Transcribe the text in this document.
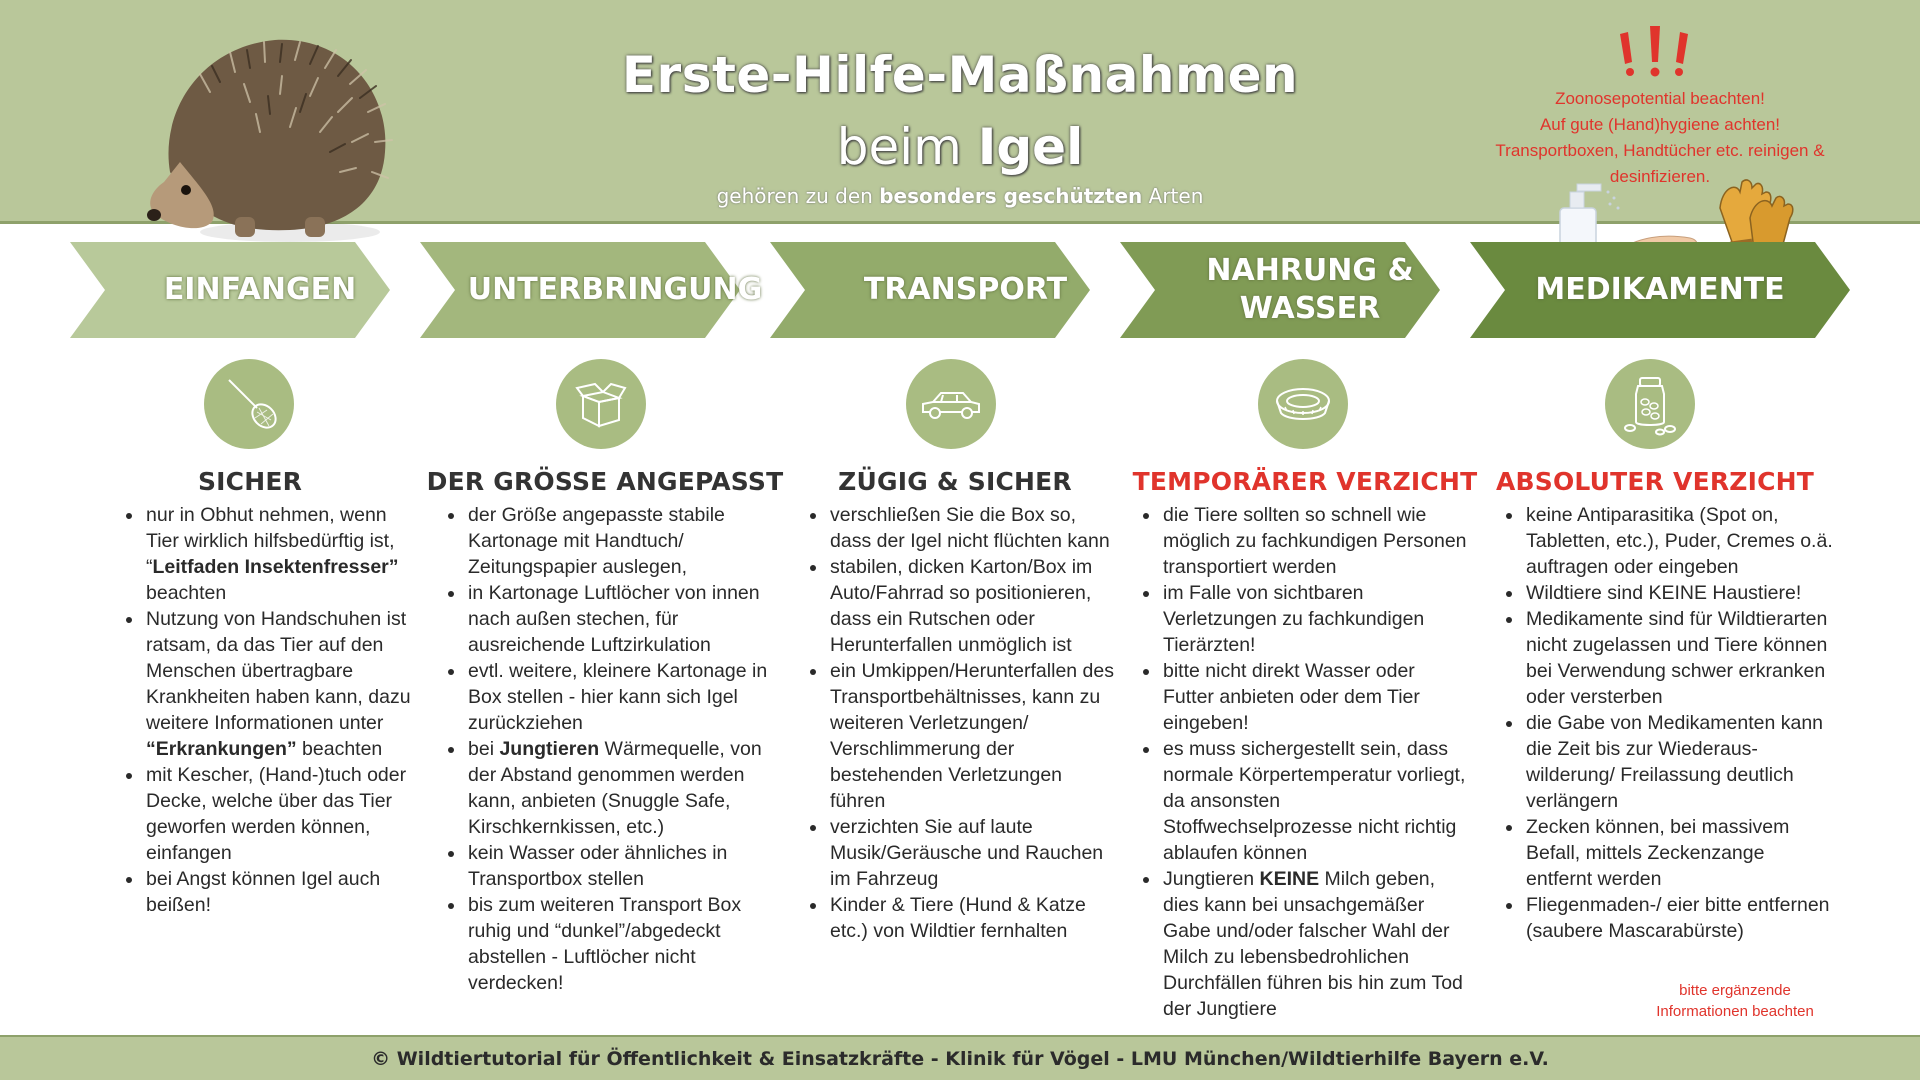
Erste-Hilfe-Maßnahmen
beim Igel
gehören zu den besonders geschützten Arten
Zoonosepotential beachten!
Auf gute (Hand)hygiene achten!
Transportboxen, Handtücher etc. reinigen &
desinfizieren.
EINFANGEN	UNTERBRINGUNG	TRANSPORT
NAHRUNG & WASSER
MEDIKAMENTE
SICHER	DER GRÖSSE ANGEPASST	ZÜGIG & SICHER	TEMPORÄRER VERZICHT ABSOLUTER VERZICHT
• nur in Obhut nehmen, wenn Tier wirklich hilfsbedürftig ist, “Leitfaden Insektenfresser” beachten
• Nutzung von Handschuhen ist ratsam, da das Tier auf den Menschen übertragbare Krankheiten haben kann, dazu weitere Informationen unter “Erkrankungen” beachten
• mit Kescher, (Hand-)tuch oder Decke, welche über das Tier geworfen werden können, einfangen
• bei Angst können Igel auch beißen!
• der Größe angepasste stabile Kartonage mit Handtuch/ Zeitungspapier auslegen,
• in Kartonage Luftlöcher von innen nach außen stechen, für ausreichende Luftzirkulation
• evtl. weitere, kleinere Kartonage in Box stellen - hier kann sich Igel zurückziehen
• bei Jungtieren Wärmequelle, von der Abstand genommen werden kann, anbieten (Snuggle Safe, Kirschkernkissen, etc.)
• kein Wasser oder ähnliches in Transportbox stellen
• bis zum weiteren Transport Box ruhig und “dunkel”/abgedeckt abstellen - Luftlöcher nicht verdecken!
• verschließen Sie die Box so, dass der Igel nicht flüchten kann
• stabilen, dicken Karton/Box im Auto/Fahrrad so positionieren, dass ein Rutschen oder Herunterfallen unmöglich ist
• ein Umkippen/Herunterfallen des Transportbehältnisses, kann zu weiteren Verletzungen/ Verschlimmerung der bestehenden Verletzungen führen
• verzichten Sie auf laute Musik/Geräusche und Rauchen im Fahrzeug
• Kinder & Tiere (Hund & Katze etc.) von Wildtier fernhalten
• die Tiere sollten so schnell wie möglich zu fachkundigen Personen transportiert werden
• im Falle von sichtbaren Verletzungen zu fachkundigen Tierärzten!
• bitte nicht direkt Wasser oder Futter anbieten oder dem Tier eingeben!
• es muss sichergestellt sein, dass normale Körpertemperatur vorliegt, da ansonsten Stoffwechselprozesse nicht richtig ablaufen können
• Jungtieren KEINE Milch geben, dies kann bei unsachgemäßer Gabe und/oder falscher Wahl der Milch zu lebensbedrohlichen Durchfällen führen bis hin zum Tod der Jungtiere
• keine Antiparasitika (Spot on, Tabletten, etc.), Puder, Cremes o.ä. auftragen oder eingeben
• Wildtiere sind KEINE Haustiere!
• Medikamente sind für Wildtierarten nicht zugelassen und Tiere können bei Verwendung schwer erkranken oder versterben
• die Gabe von Medikamenten kann die Zeit bis zur Wiederaus-wilderung/ Freilassung deutlich verlängern
• Zecken können, bei massivem Befall, mittels Zeckenzange entfernt werden
• Fliegenmaden-/ eier bitte entfernen (saubere Mascarabürste)
bitte ergänzende
Informationen beachten
© Wildtiertutorial für Öffentlichkeit & Einsatzkräfte - Klinik für Vögel - LMU München/Wildtierhilfe Bayern e.V.
